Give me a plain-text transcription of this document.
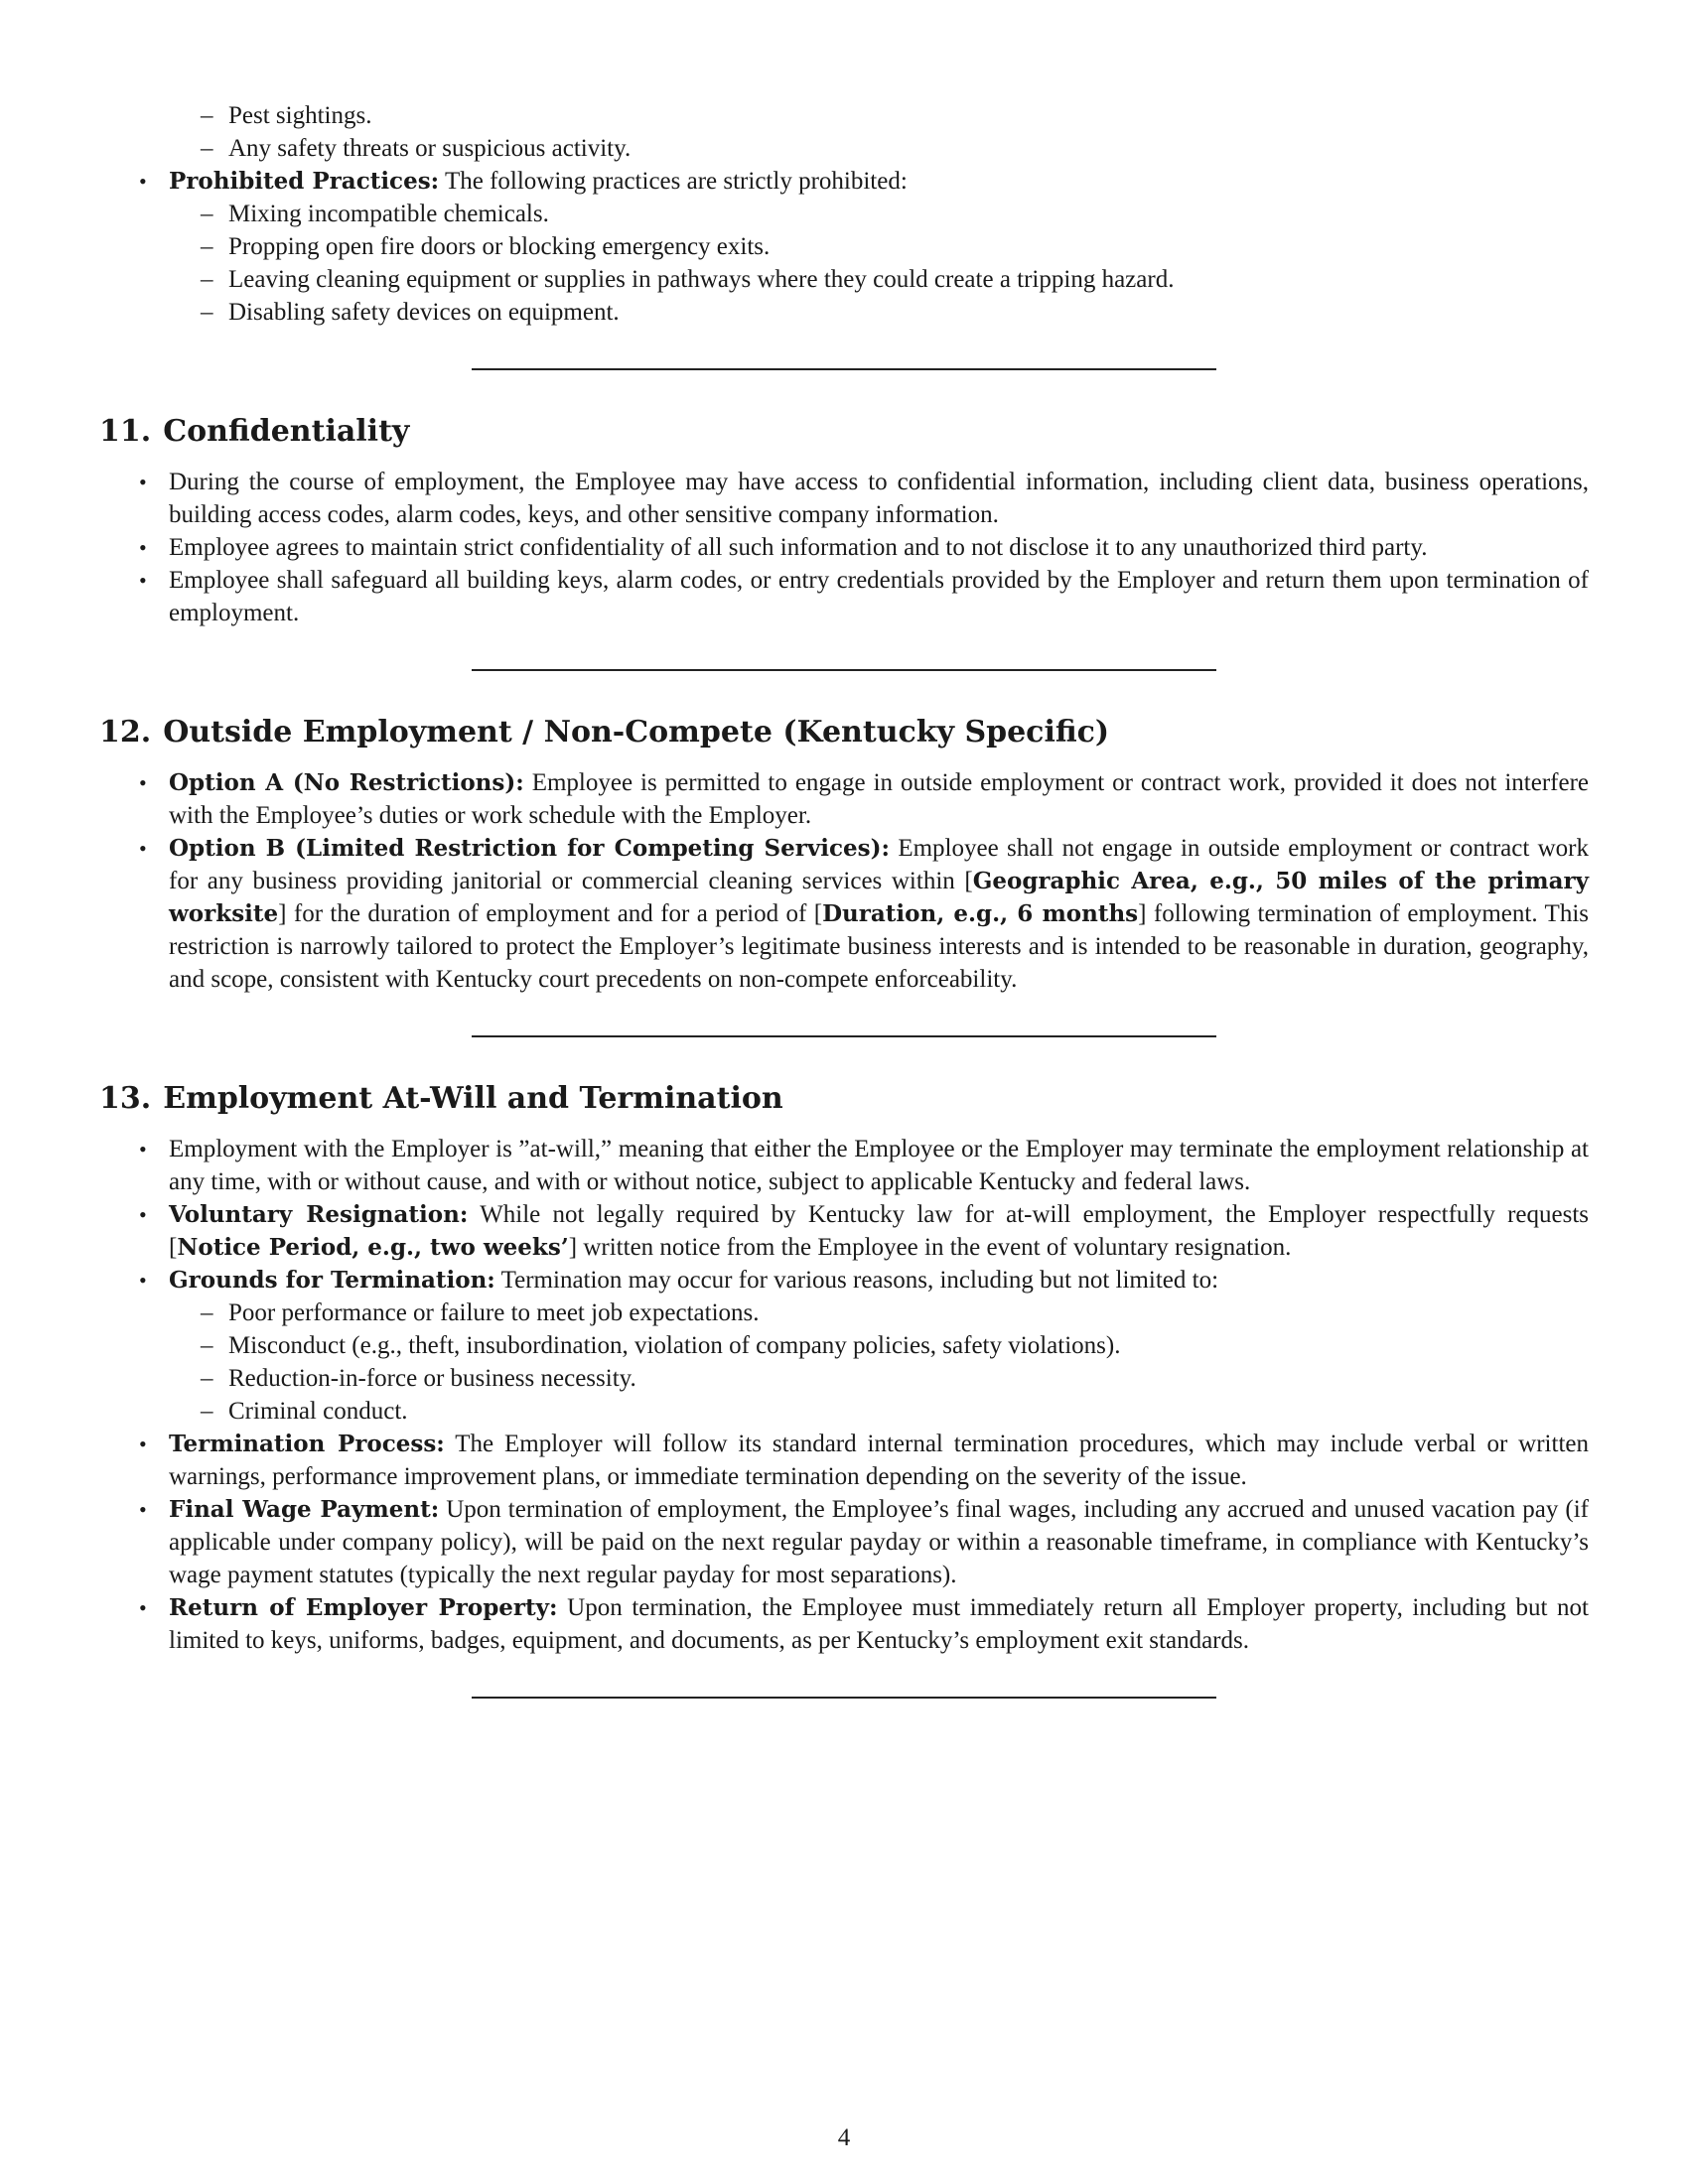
– Pest sightings.
– Any safety threats or suspicious activity.
• Prohibited Practices: The following practices are strictly prohibited:
– Mixing incompatible chemicals.
– Propping open fire doors or blocking emergency exits.
– Leaving cleaning equipment or supplies in pathways where they could create a tripping hazard.
– Disabling safety devices on equipment.
11. Confidentiality
• During the course of employment, the Employee may have access to confidential information, including client data, business operations, building access codes, alarm codes, keys, and other sensitive company information.
• Employee agrees to maintain strict confidentiality of all such information and to not disclose it to any unauthorized third party.
• Employee shall safeguard all building keys, alarm codes, or entry credentials provided by the Employer and return them upon termination of employment.
12. Outside Employment / Non-Compete (Kentucky Specific)
• Option A (No Restrictions): Employee is permitted to engage in outside employment or contract work, provided it does not interfere with the Employee’s duties or work schedule with the Employer.
• Option B (Limited Restriction for Competing Services): Employee shall not engage in outside employment or contract work for any business providing janitorial or commercial cleaning services within [Geographic Area, e.g., 50 miles of the primary worksite] for the duration of employment and for a period of [Duration, e.g., 6 months] following termination of employment. This restriction is narrowly tailored to protect the Employer’s legitimate business interests and is intended to be reasonable in duration, geography, and scope, consistent with Kentucky court precedents on non-compete enforceability.
13. Employment At-Will and Termination
• Employment with the Employer is ”at-will,” meaning that either the Employee or the Employer may terminate the employment relationship at any time, with or without cause, and with or without notice, subject to applicable Kentucky and federal laws.
• Voluntary Resignation: While not legally required by Kentucky law for at-will employment, the Employer respectfully requests [Notice Period, e.g., two weeks’] written notice from the Employee in the event of voluntary resignation.
• Grounds for Termination: Termination may occur for various reasons, including but not limited to:
– Poor performance or failure to meet job expectations.
– Misconduct (e.g., theft, insubordination, violation of company policies, safety violations).
– Reduction-in-force or business necessity.
– Criminal conduct.
• Termination Process: The Employer will follow its standard internal termination procedures, which may include verbal or written warnings, performance improvement plans, or immediate termination depending on the severity of the issue.
• Final Wage Payment: Upon termination of employment, the Employee’s final wages, including any accrued and unused vacation pay (if applicable under company policy), will be paid on the next regular payday or within a reasonable timeframe, in compliance with Kentucky’s wage payment statutes (typically the next regular payday for most separations).
• Return of Employer Property: Upon termination, the Employee must immediately return all Employer property, including but not limited to keys, uniforms, badges, equipment, and documents, as per Kentucky’s employment exit standards.
4
